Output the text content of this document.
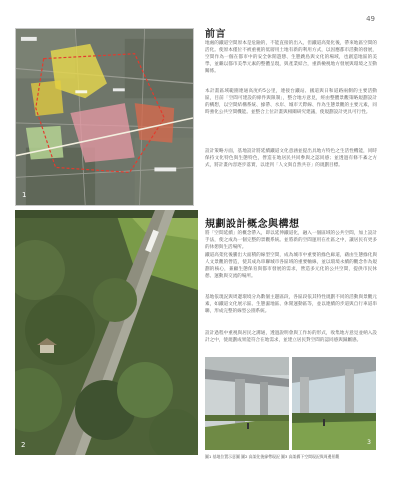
49
1
2
前言

地處的鐵道空間原本是危險的，不能直接的出入，但鐵道高架化後，帶來地區空間的活化。使原本僅位不被重視的低層用土地有新的利用方式，以因應都市活動的發展，空間作為一個在都市中的安全休閒遊憩、生態跳島與文化的場域，也創造地區的美學，並繼以都市美學元素的整體呈現，與產業結合，重新檢視地方發展與環境之互動關係。

本計畫區域範圍連通高度約5公里，連接台鐵站、國道與日和道路兩側的主要活動區，目前「空間可建設的條件與限制」，整合地方意見，經由整體景觀策略規劃設計的構想，以空間結構系統、綠帶、水岸、城市天際線、作為生態景觀的主要元素，同時強化公共空間機能。並整合上位計畫與相關研究建議，使規劃設計更具可行性。

設計策略方面，基地設計將延續鐵道文化意涵並提出具地方特色之生活性機能，同時保持文化特色與生態特色，營造在地居民共同參與之認同感；並透過有條不紊之方式，將計畫內容逐步落實，以達到「人文與自然共存」的規劃目標。

規劃設計概念與構想

將「空間延續」的概念帶入，即以延伸鐵道化，融入一個區域的公共空間，加上設計手法，使之成為一個完整的景觀系統。並將新的空間運用在社區之中，讓居民有更多的休憩與生活場所。

鐵道高架化後騰出大面積的線型空間，成為城市中重要的綠色廊道，藉由生態綠化與人文景觀的營造，使其成為串聯城市各區域的重要軸線，並以環境永續的觀念作為規劃的核心，兼顧生態保育與都市發展的需求，營造多元化的公共空間，提供市民休憩、運動與交流的場所。

基地依現況與周邊環境分為數個主題區段，各區段依其特性規劃不同的活動與景觀元素，如鐵道文化展示區、生態濕地區、休閒運動區等，並以連續的步道與自行車道串聯，形成完整的線型公園系統。

設計過程中重視與居民之溝通，透過說明會與工作坊的形式，收集地方意見並納入設計之中，使規劃成果能符合在地需求，並建立居民對空間的認同感與歸屬感。

3
圖1 基地位置示意圖 圖2 高架化後綠帶現況 圖3 高架橋下空間現況與周邊景觀
